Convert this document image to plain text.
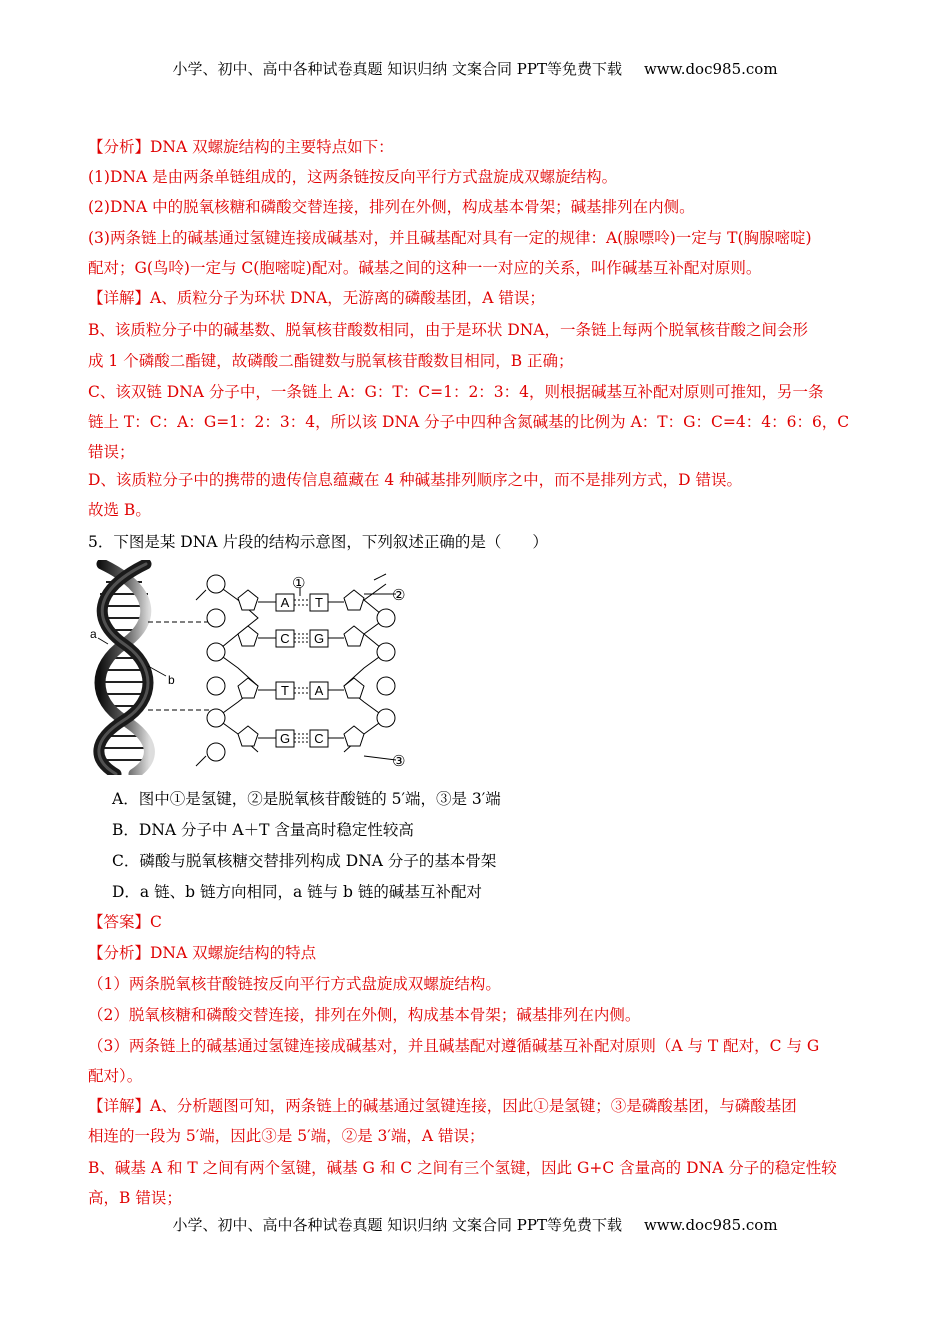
小学、初中、高中各种试卷真题 知识归纳 文案合同 PPT等免费下载 www.doc985.com
【分析】DNA 双螺旋结构的主要特点如下：
(1)DNA 是由两条单链组成的，这两条链按反向平行方式盘旋成双螺旋结构。
(2)DNA 中的脱氧核糖和磷酸交替连接，排列在外侧，构成基本骨架；碱基排列在内侧。
(3)两条链上的碱基通过氢键连接成碱基对，并且碱基配对具有一定的规律：A(腺嘌呤)一定与 T(胸腺嘧啶)
配对；G(鸟呤)一定与 C(胞嘧啶)配对。碱基之间的这种一一对应的关系，叫作碱基互补配对原则。
【详解】A、质粒分子为环状 DNA，无游离的磷酸基团，A 错误；
B、该质粒分子中的碱基数、脱氧核苷酸数相同，由于是环状 DNA，一条链上每两个脱氧核苷酸之间会形
成 1 个磷酸二酯键，故磷酸二酯键数与脱氧核苷酸数目相同，B 正确；
C、该双链 DNA 分子中，一条链上 A：G：T：C=1：2：3：4，则根据碱基互补配对原则可推知，另一条
链上 T：C：A：G=1：2：3：4，所以该 DNA 分子中四种含氮碱基的比例为 A：T：G：C=4：4：6：6，C
错误；
D、该质粒分子中的携带的遗传信息蕴藏在 4 种碱基排列顺序之中，而不是排列方式，D 错误。
故选 B。
5．下图是某 DNA 片段的结构示意图，下列叙述正确的是（　　）
a
b
A T
C G
T A
G C
①
②
③
A．图中①是氢键，②是脱氧核苷酸链的 5′端，③是 3′端
B．DNA 分子中 A＋T 含量高时稳定性较高
C．磷酸与脱氧核糖交替排列构成 DNA 分子的基本骨架
D．a 链、b 链方向相同，a 链与 b 链的碱基互补配对
【答案】C
【分析】DNA 双螺旋结构的特点
（1）两条脱氧核苷酸链按反向平行方式盘旋成双螺旋结构。
（2）脱氧核糖和磷酸交替连接，排列在外侧，构成基本骨架；碱基排列在内侧。
（3）两条链上的碱基通过氢键连接成碱基对，并且碱基配对遵循碱基互补配对原则（A 与 T 配对，C 与 G
配对）。
【详解】A、分析题图可知，两条链上的碱基通过氢键连接，因此①是氢键；③是磷酸基团，与磷酸基团
相连的一段为 5′端，因此③是 5′端，②是 3′端，A 错误；
B、碱基 A 和 T 之间有两个氢键，碱基 G 和 C 之间有三个氢键，因此 G+C 含量高的 DNA 分子的稳定性较
高，B 错误；
小学、初中、高中各种试卷真题 知识归纳 文案合同 PPT等免费下载 www.doc985.com
